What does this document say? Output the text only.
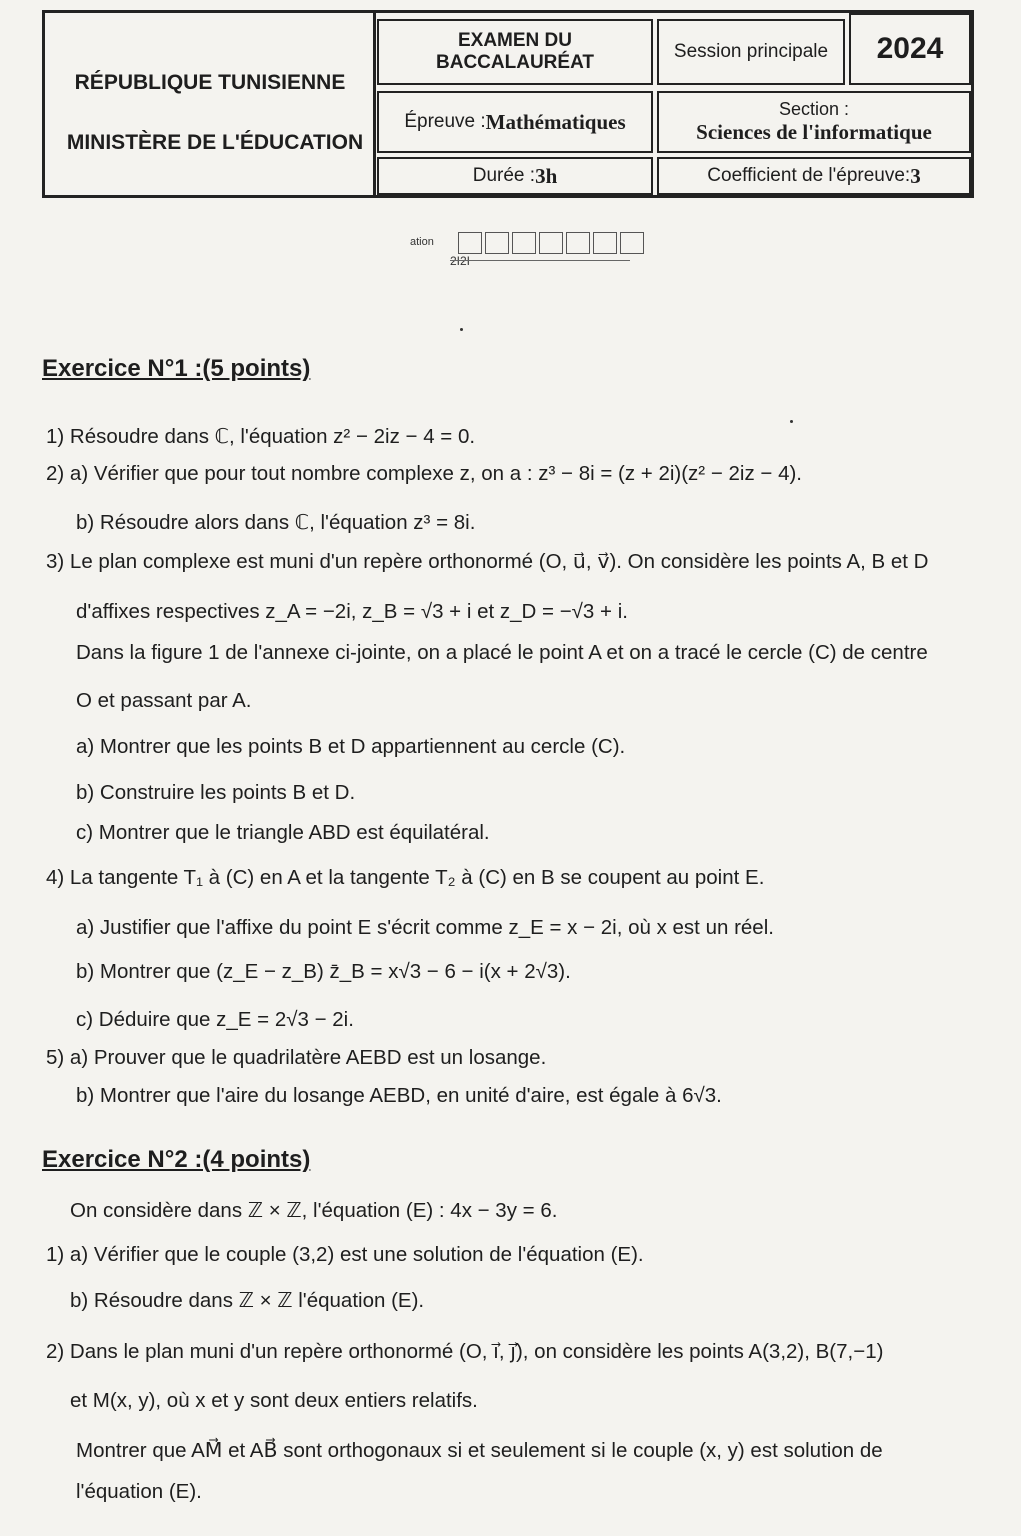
RÉPUBLIQUE TUNISIENNE
MINISTÈRE DE L'ÉDUCATION
EXAMEN DU BACCALAURÉAT
Session principale	2024
Épreuve : Mathématiques
Section :
Sciences de l'informatique
Durée : 3h	Coefficient de l'épreuve: 3
ation
2I2I
Exercice N°1 :(5 points)
1) Résoudre dans ℂ, l'équation z² − 2iz − 4 = 0.
2) a) Vérifier que pour tout nombre complexe z, on a : z³ − 8i = (z + 2i)(z² − 2iz − 4).
b) Résoudre alors dans ℂ, l'équation z³ = 8i.
3) Le plan complexe est muni d'un repère orthonormé (O, u⃗, v⃗). On considère les points A, B et D
d'affixes respectives z_A = −2i, z_B = √3 + i et z_D = −√3 + i.
Dans la figure 1 de l'annexe ci-jointe, on a placé le point A et on a tracé le cercle (C) de centre
O et passant par A.
a) Montrer que les points B et D appartiennent au cercle (C).
b) Construire les points B et D.
c) Montrer que le triangle ABD est équilatéral.
4) La tangente T₁ à (C) en A et la tangente T₂ à (C) en B se coupent au point E.
a) Justifier que l'affixe du point E s'écrit comme z_E = x − 2i, où x est un réel.
b) Montrer que (z_E − z_B) z̄_B = x√3 − 6 − i(x + 2√3).
c) Déduire que z_E = 2√3 − 2i.
5) a) Prouver que le quadrilatère AEBD est un losange.
b) Montrer que l'aire du losange AEBD, en unité d'aire, est égale à 6√3.
Exercice N°2 :(4 points)
On considère dans ℤ × ℤ, l'équation (E) : 4x − 3y = 6.
1) a) Vérifier que le couple (3,2) est une solution de l'équation (E).
b) Résoudre dans ℤ × ℤ l'équation (E).
2) Dans le plan muni d'un repère orthonormé (O, i⃗, j⃗), on considère les points A(3,2), B(7,−1)
et M(x, y), où x et y sont deux entiers relatifs.
Montrer que AM⃗ et AB⃗ sont orthogonaux si et seulement si le couple (x, y) est solution de
l'équation (E).
